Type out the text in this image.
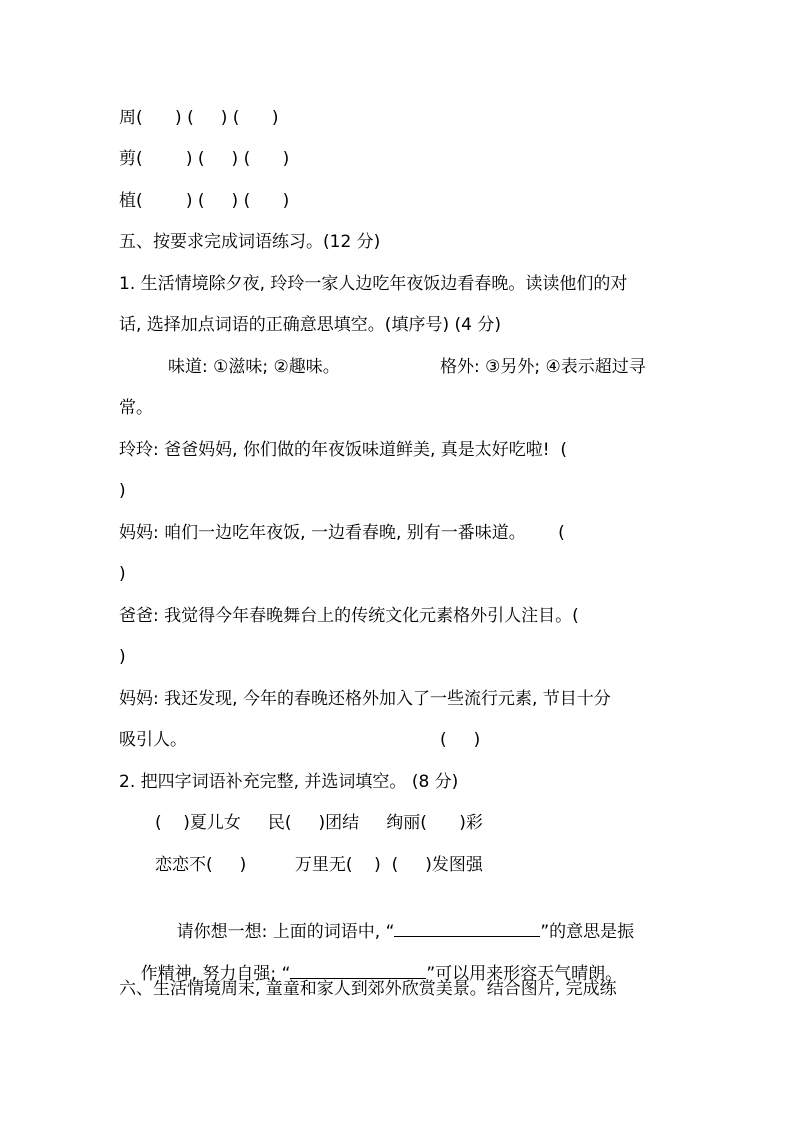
周(      ) (     ) (      )
剪(        ) (     ) (      )
植(        ) (     ) (      )
五、按要求完成词语练习。(12 分)
1. 生活情境除夕夜, 玲玲一家人边吃年夜饭边看春晚。读读他们的对
话, 选择加点词语的正确意思填空。(填序号) (4 分)
味道: ①滋味; ②趣味。	格外: ③另外; ④表示超过寻
常。
玲玲: 爸爸妈妈, 你们做的年夜饭味道鲜美, 真是太好吃啦!  (
)
妈妈: 咱们一边吃年夜饭, 一边看春晚, 别有一番味道。      (
)
爸爸: 我觉得今年春晚舞台上的传统文化元素格外引人注目。(
)
妈妈: 我还发现, 今年的春晚还格外加入了一些流行元素, 节目十分
吸引人。	(     )
2. 把四字词语补充完整, 并选词填空。 (8 分)
(    )夏儿女     民(     )团结     绚丽(      )彩
恋恋不(     )         万里无(    )  (     )发图强

请你想一想: 上面的词语中, “	”的意思是振

作精神, 努力自强; “	”可以用来形容天气晴朗。

六、生活情境周末, 童童和家人到郊外欣赏美景。结合图片, 完成练
